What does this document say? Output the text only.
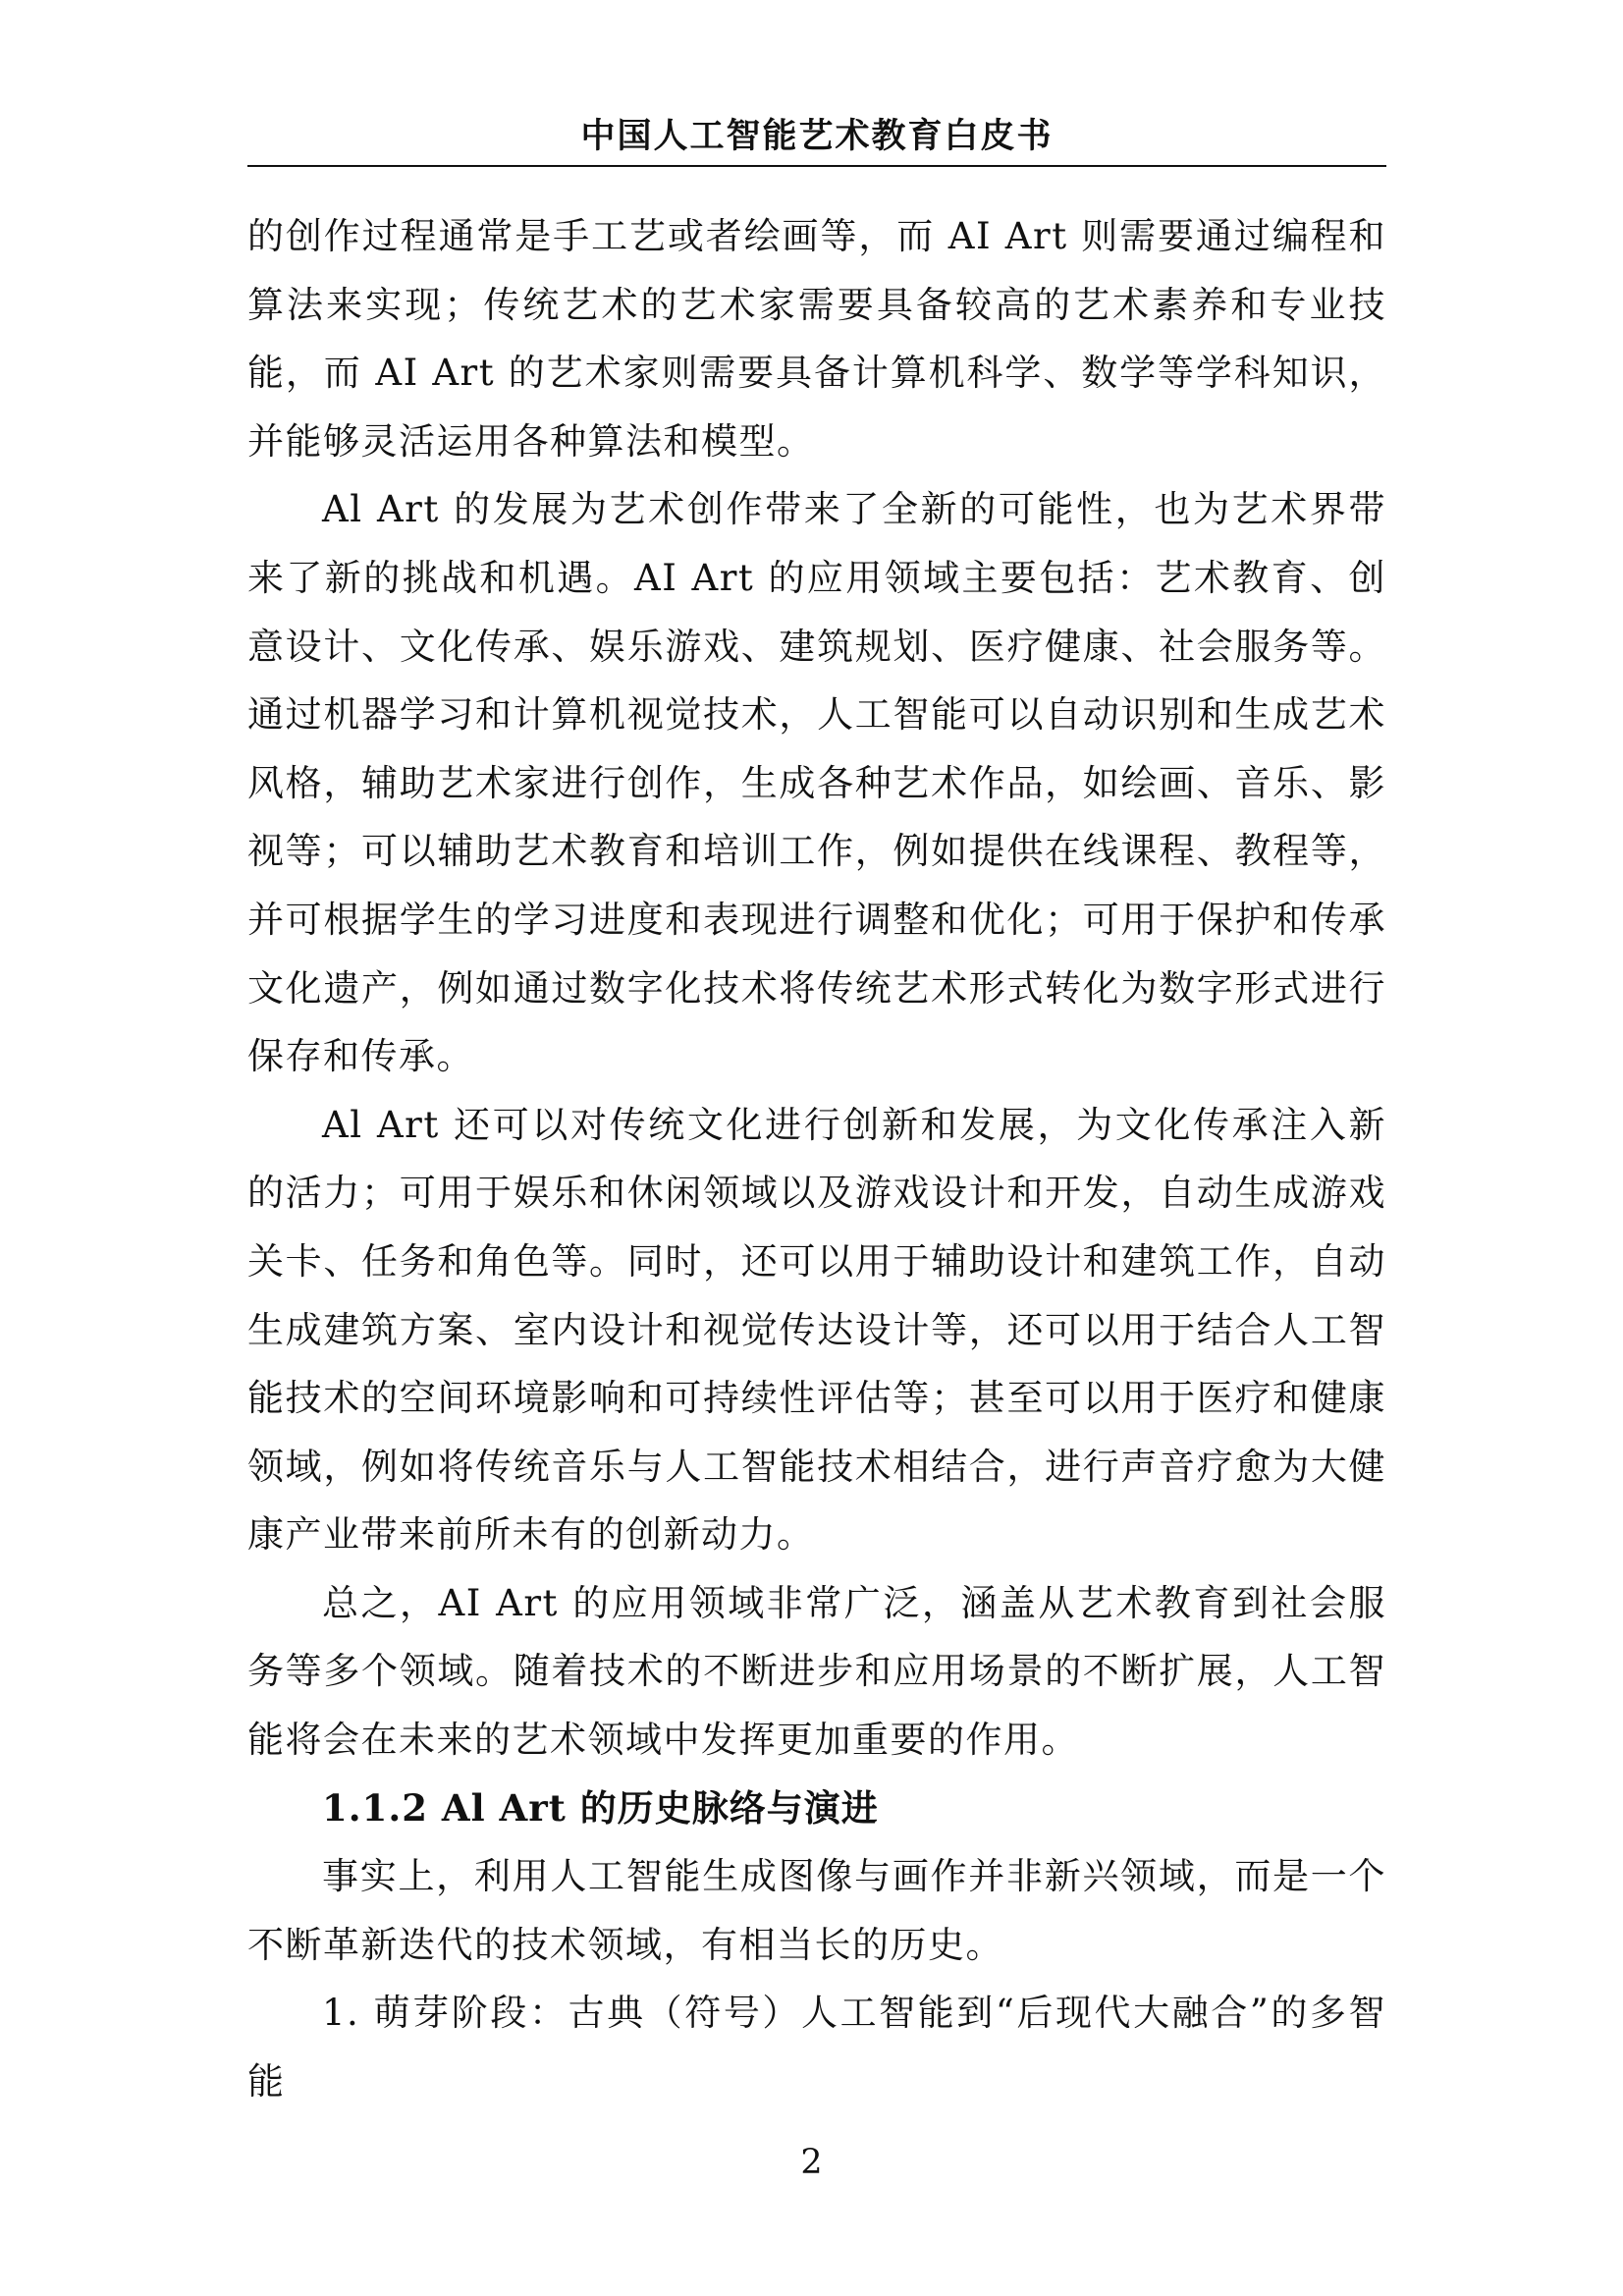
中国人工智能艺术教育白皮书

的创作过程通常是手工艺或者绘画等，而 AI Art 则需要通过编程和算法来实现；传统艺术的艺术家需要具备较高的艺术素养和专业技能，而 AI Art 的艺术家则需要具备计算机科学、数学等学科知识，并能够灵活运用各种算法和模型。

Al Art 的发展为艺术创作带来了全新的可能性，也为艺术界带来了新的挑战和机遇。AI Art 的应用领域主要包括：艺术教育、创意设计、文化传承、娱乐游戏、建筑规划、医疗健康、社会服务等。通过机器学习和计算机视觉技术，人工智能可以自动识别和生成艺术风格，辅助艺术家进行创作，生成各种艺术作品，如绘画、音乐、影视等；可以辅助艺术教育和培训工作，例如提供在线课程、教程等，并可根据学生的学习进度和表现进行调整和优化；可用于保护和传承文化遗产，例如通过数字化技术将传统艺术形式转化为数字形式进行保存和传承。

Al Art 还可以对传统文化进行创新和发展，为文化传承注入新的活力；可用于娱乐和休闲领域以及游戏设计和开发，自动生成游戏关卡、任务和角色等。同时，还可以用于辅助设计和建筑工作，自动生成建筑方案、室内设计和视觉传达设计等，还可以用于结合人工智能技术的空间环境影响和可持续性评估等；甚至可以用于医疗和健康领域，例如将传统音乐与人工智能技术相结合，进行声音疗愈为大健康产业带来前所未有的创新动力。

总之，AI Art 的应用领域非常广泛，涵盖从艺术教育到社会服务等多个领域。随着技术的不断进步和应用场景的不断扩展，人工智能将会在未来的艺术领域中发挥更加重要的作用。

1.1.2 Al Art 的历史脉络与演进

事实上，利用人工智能生成图像与画作并非新兴领域，而是一个不断革新迭代的技术领域，有相当长的历史。

1. 萌芽阶段：古典（符号）人工智能到“后现代大融合”的多智能

2
